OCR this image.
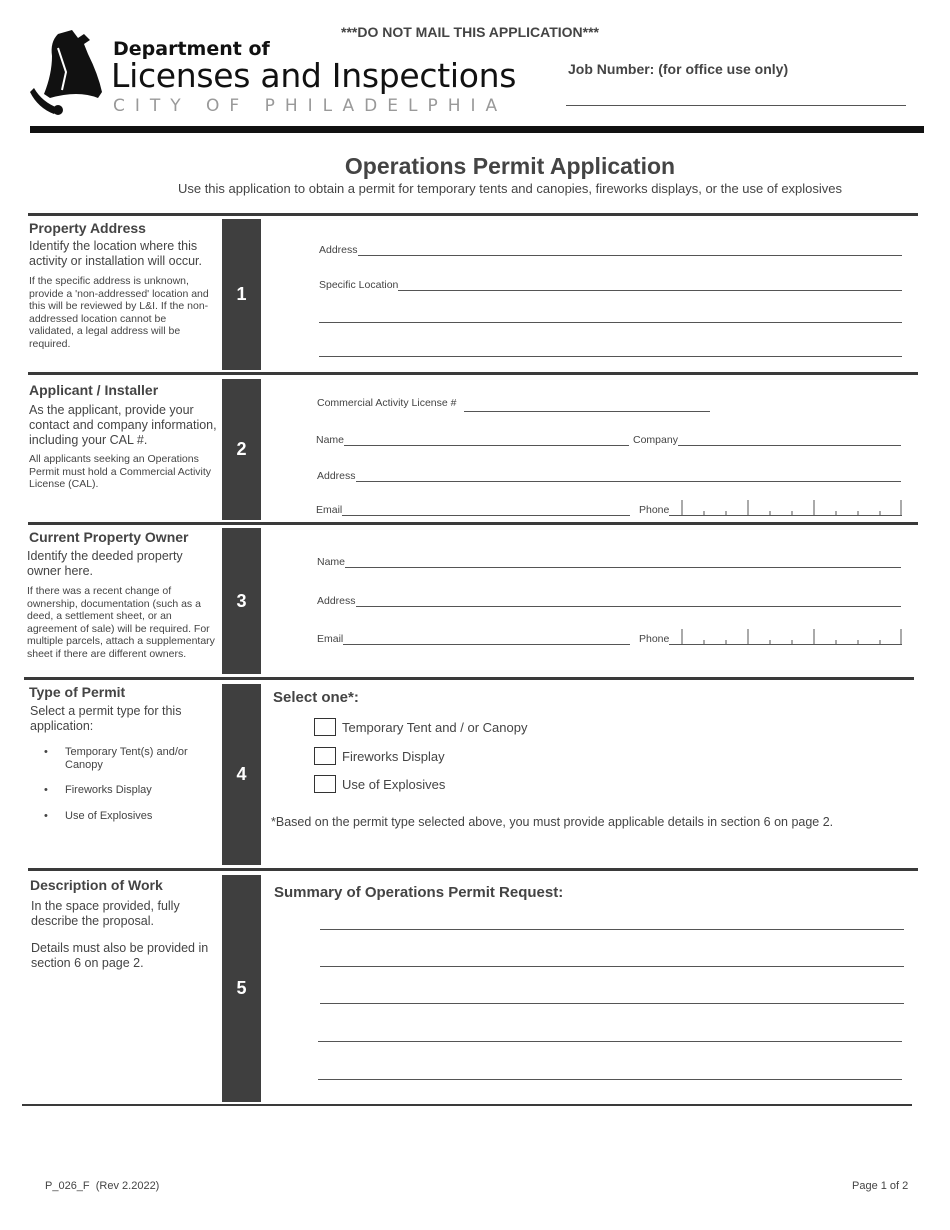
***DO NOT MAIL THIS APPLICATION***
Department of
Licenses and Inspections
CITY OF PHILADELPHIA
Job Number: (for office use only)
Operations Permit Application
Use this application to obtain a permit for temporary tents and canopies, fireworks displays, or the use of explosives
Property Address
Identify the location where this activity or installation will occur.
If the specific address is unknown, provide a 'non-addressed' location and this will be reviewed by L&I. If the non-addressed location cannot be validated, a legal address will be required.
1
Address
Specific Location
Applicant / Installer
As the applicant, provide your contact and company information, including your CAL #.
All applicants seeking an Operations Permit must hold a Commercial Activity License (CAL).
2
Commercial Activity License #
Name	Company
Address
Email	Phone
Current Property Owner
Identify the deeded property owner here.
If there was a recent change of ownership, documentation (such as a deed, a settlement sheet, or an agreement of sale) will be required. For multiple parcels, attach a supplementary sheet if there are different owners.
3
Name
Address
Email	Phone
Type of Permit
Select a permit type for this application:
• Temporary Tent(s) and/or Canopy
• Fireworks Display
• Use of Explosives
4
Select one*:
Temporary Tent and / or Canopy
Fireworks Display
Use of Explosives
*Based on the permit type selected above, you must provide applicable details in section 6 on page 2.
Description of Work
In the space provided, fully describe the proposal.
Details must also be provided in section 6 on page 2.
5
Summary of Operations Permit Request:
P_026_F  (Rev 2.2022)	Page 1 of 2
